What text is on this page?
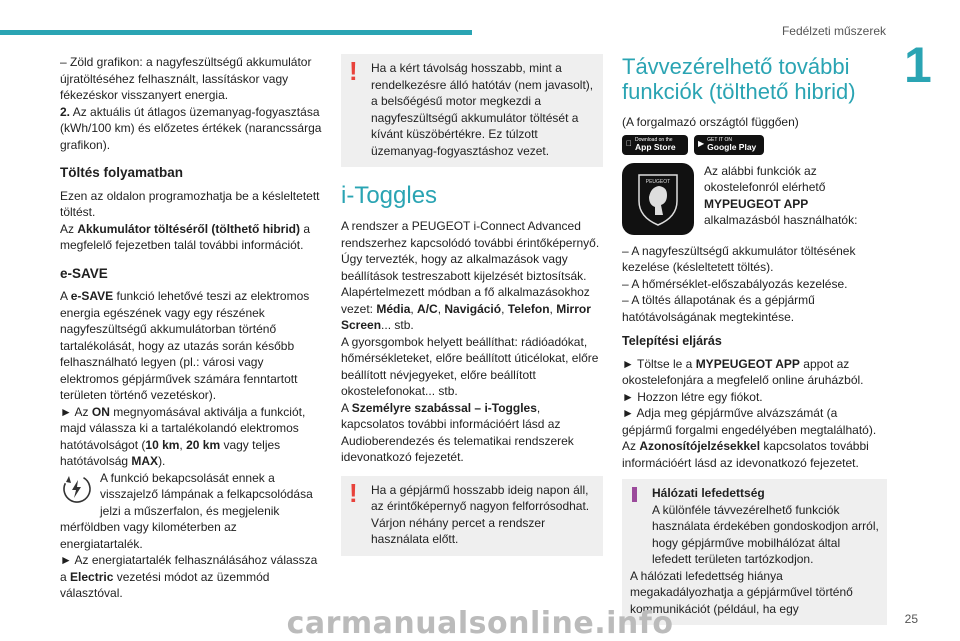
Fedélzeti műszerek
1

– Zöld grafikon: a nagyfeszültségű akkumulátor újratöltéséhez felhasznált, lassításkor vagy fékezéskor visszanyert energia.

2. Az aktuális út átlagos üzemanyag-fogyasztása (kWh/100 km) és előzetes értékek (narancssárga grafikon).

Töltés folyamatban

Ezen az oldalon programozhatja be a késleltetett töltést.

Az Akkumulátor töltéséről (tölthető hibrid) a megfelelő fejezetben talál további információt.

e-SAVE

A e-SAVE funkció lehetővé teszi az elektromos energia egészének vagy egy részének nagyfeszültségű akkumulátorban történő tartalékolását, hogy az utazás során később felhasználható legyen (pl.: városi vagy elektromos gépjárművek számára fenntartott területen történő vezetéskor).

► Az ON megnyomásával aktiválja a funkciót, majd válassza ki a tartalékolandó elektromos hatótávolságot (10 km, 20 km vagy teljes hatótávolság MAX).

A funkció bekapcsolását ennek a visszajelző lámpának a felkapcsolódása jelzi a műszerfalon, és megjelenik mérföldben vagy kilométerben az energiatartalék.

► Az energiatartalék felhasználásához válassza a Electric vezetési módot az üzemmód választóval.

!	Ha a kért távolság hosszabb, mint a rendelkezésre álló hatótáv (nem javasolt), a belsőégésű motor megkezdi a nagyfeszültségű akkumulátor töltését a kívánt küszöbértékre. Ez túlzott üzemanyag-fogyasztáshoz vezet.

i-Toggles

A rendszer a PEUGEOT i-Connect Advanced rendszerhez kapcsolódó további érintőképernyő. Úgy tervezték, hogy az alkalmazások vagy beállítások testreszabott kijelzését biztosítsák.

Alapértelmezett módban a fő alkalmazásokhoz vezet: Média, A/C, Navigáció, Telefon, Mirror Screen... stb.

A gyorsgombok helyett beállíthat: rádióadókat, hőmérsékleteket, előre beállított úticélokat, előre beállított névjegyeket, előre beállított okostelefonokat... stb.

A Személyre szabással – i-Toggles, kapcsolatos további információért lásd az Audioberendezés és telematikai rendszerek idevonatkozó fejezetét.

!	Ha a gépjármű hosszabb ideig napon áll, az érintőképernyő nagyon felforrósodhat. Várjon néhány percet a rendszer használata előtt.

Távvezérelhető további funkciók (tölthető hibrid)

(A forgalmazó országtól függően)

Download on the
App Store	▶ GET IT ON
Google Play
PEUGEOT

Az alábbi funkciók az okostelefonról elérhető MYPEUGEOT APP alkalmazásból használhatók:

– A nagyfeszültségű akkumulátor töltésének kezelése (késleltetett töltés).

– A hőmérséklet-előszabályozás kezelése.

– A töltés állapotának és a gépjármű hatótávolságának megtekintése.

Telepítési eljárás

► Töltse le a MYPEUGEOT APP appot az okostelefonjára a megfelelő online áruházból.

► Hozzon létre egy fiókot.

► Adja meg gépjárműve alvázszámát (a gépjármű forgalmi engedélyében megtalálható).

Az Azonosítójelzésekkel kapcsolatos további információért lásd az idevonatkozó fejezetet.

Hálózati lefedettség

A különféle távvezérelhető funkciók használata érdekében gondoskodjon arról, hogy gépjárműve mobilhálózat által lefedett területen tartózkodjon.

A hálózati lefedettség hiánya megakadályozhatja a gépjárművel történő kommunikációt (például, ha egy

carmanualsonline.info	25
